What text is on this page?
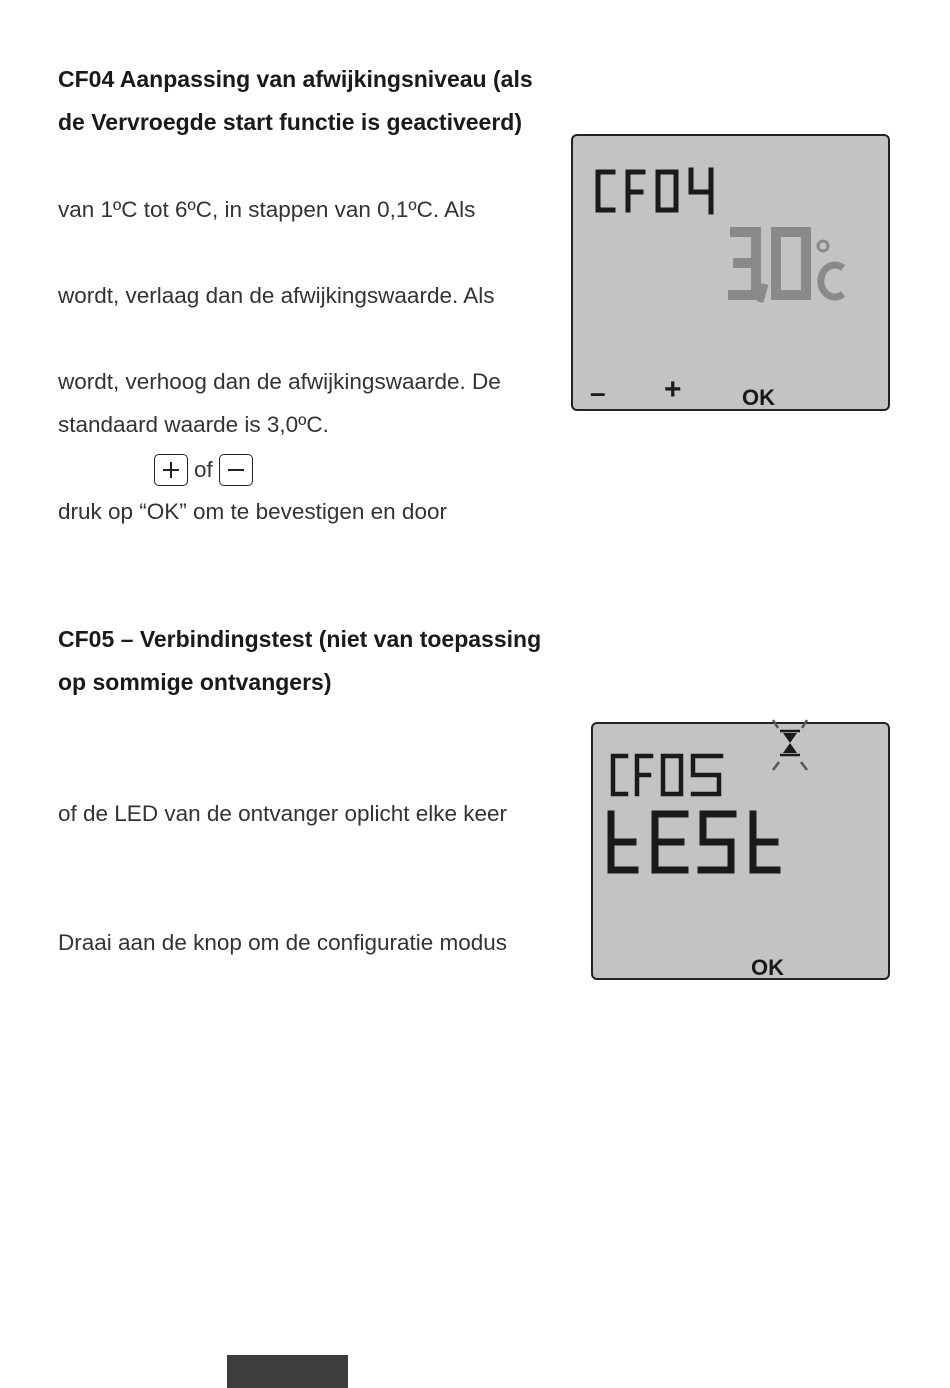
CF04 Aanpassing van afwijkingsniveau (als
de Vervroegde start functie is geactiveerd)
van 1ºC tot 6ºC, in stappen van 0,1ºC. Als
wordt, verlaag dan de afwijkingswaarde. Als
wordt, verhoog dan de afwijkingswaarde. De
standaard waarde is 3,0ºC.
of
druk op “OK” om te bevestigen en door
– +	OK
CF05 – Verbindingstest (niet van toepassing
op sommige ontvangers)
of de LED van de ontvanger oplicht elke keer
Draai aan de knop om de configuratie modus
OK
